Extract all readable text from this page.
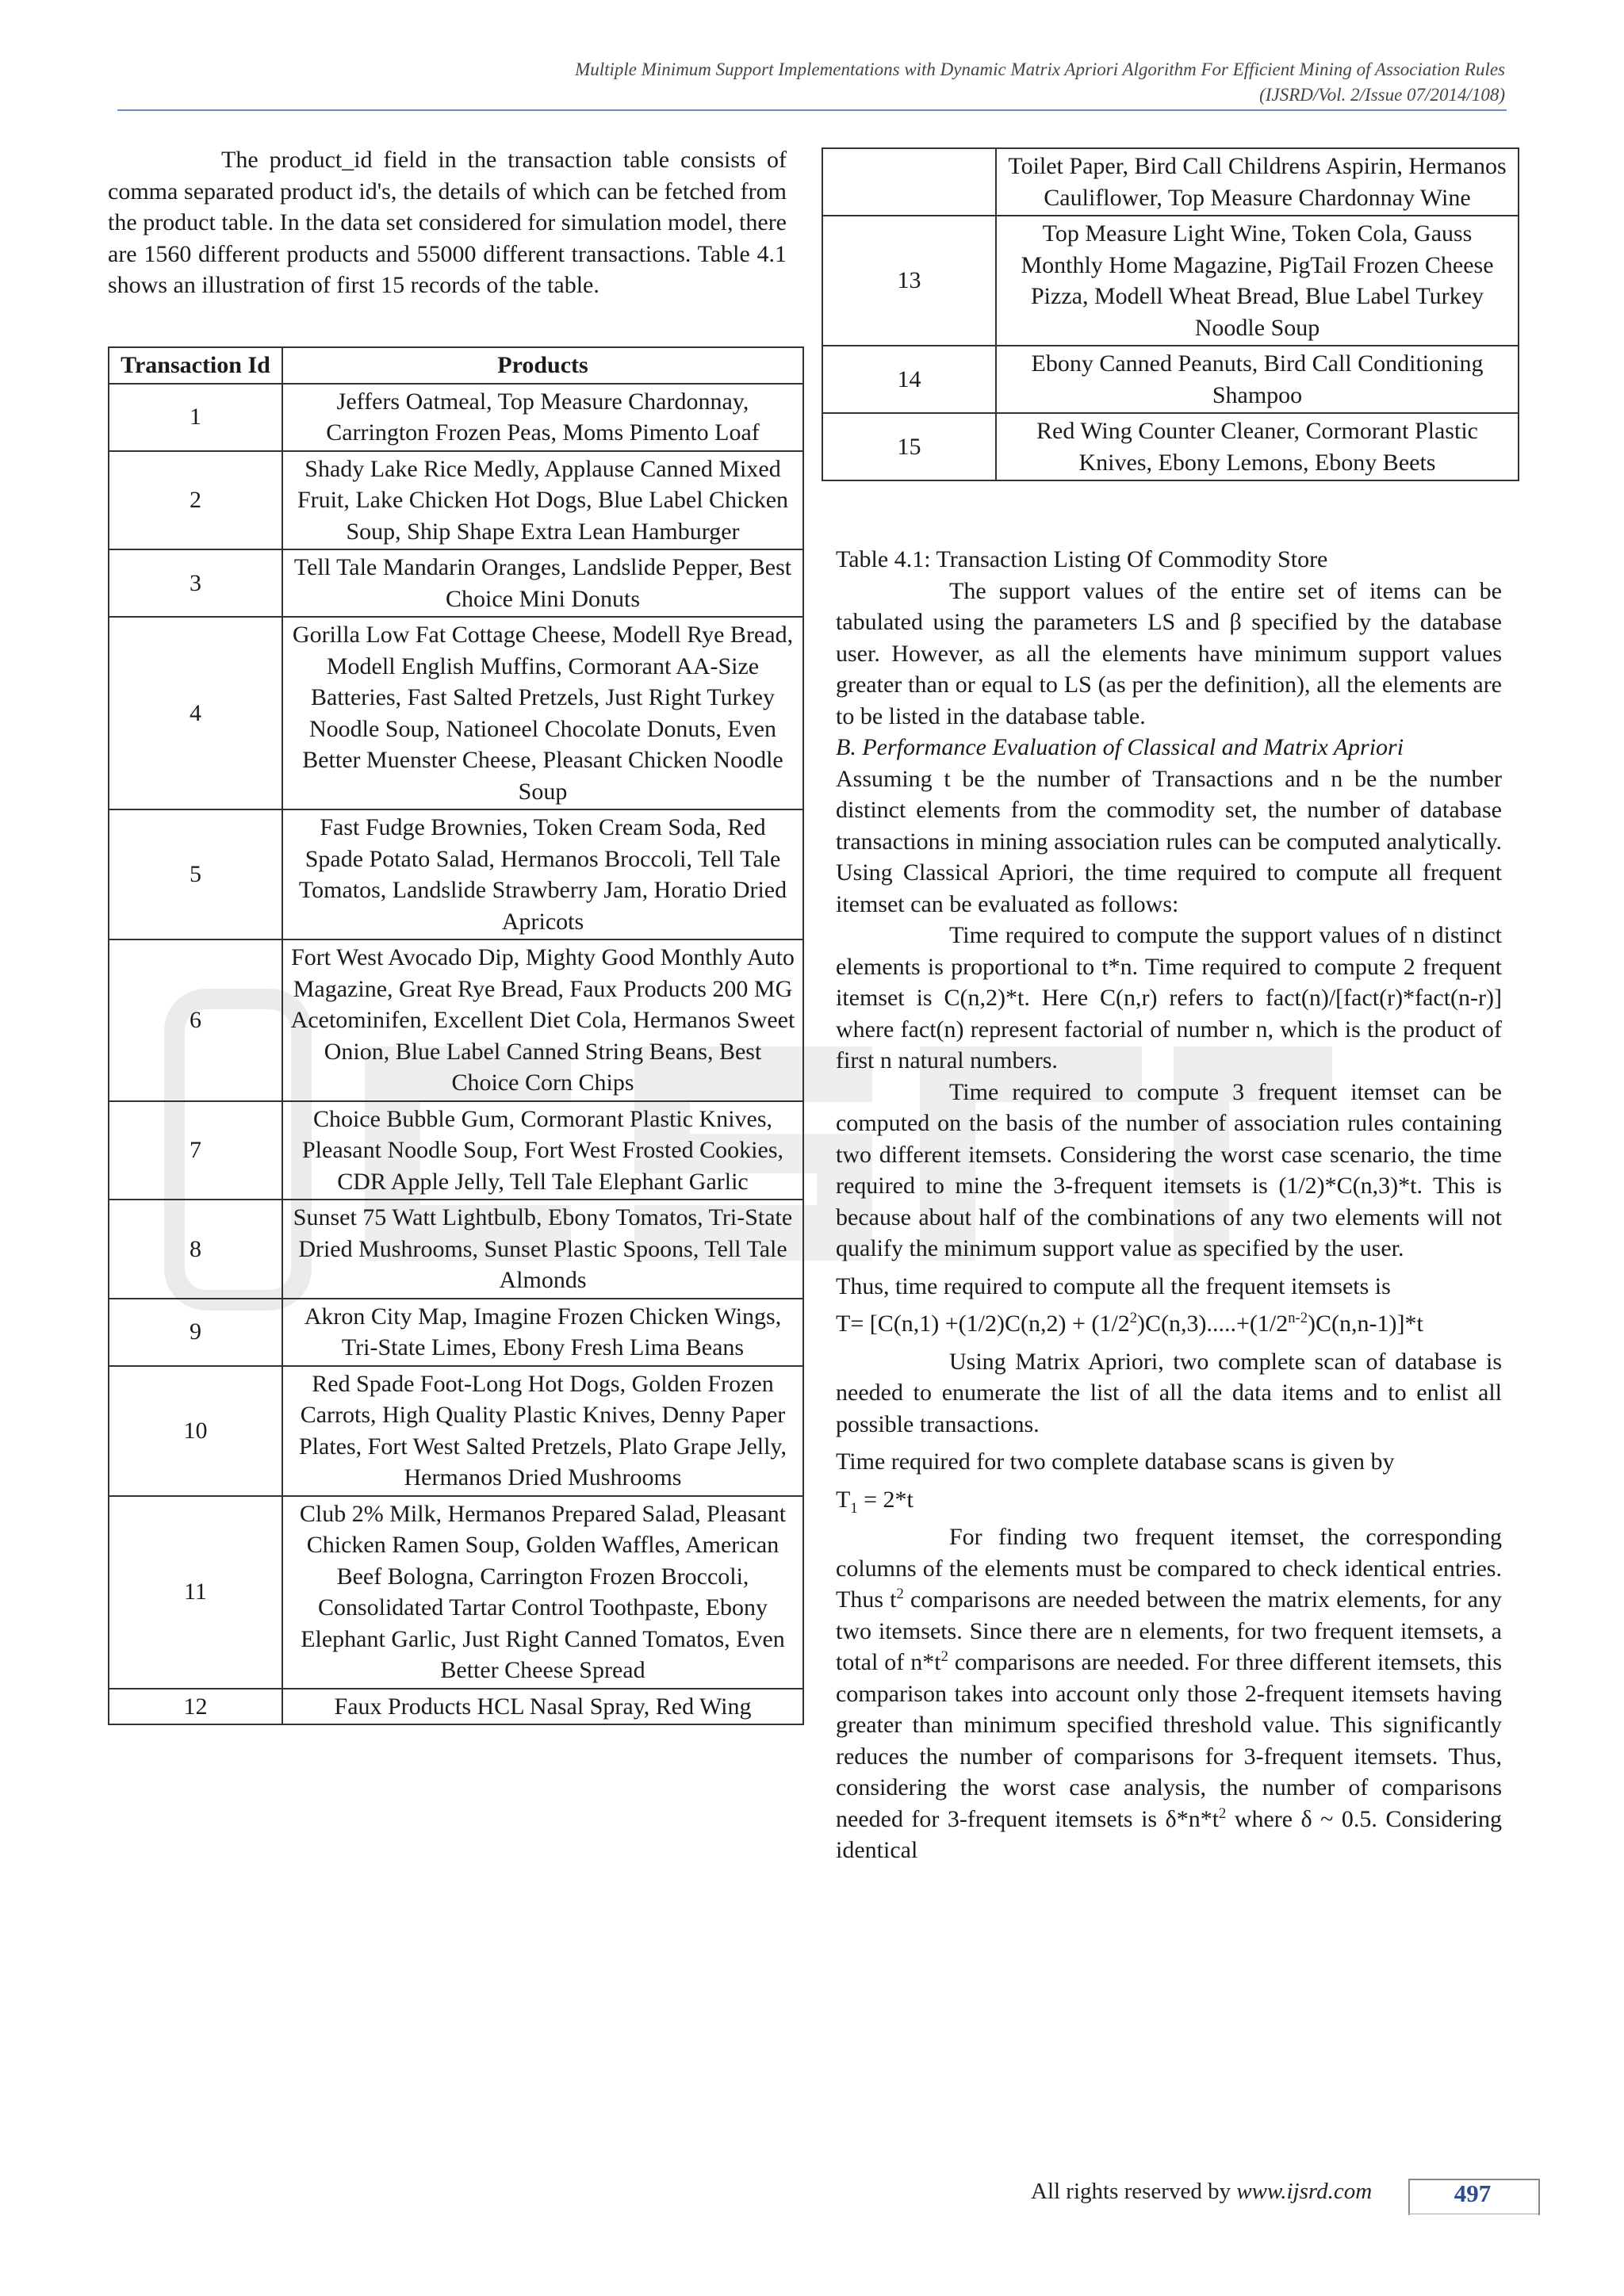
Multiple Minimum Support Implementations with Dynamic Matrix Apriori Algorithm For Efficient Mining of Association Rules
(IJSRD/Vol. 2/Issue 07/2014/108)

The product_id field in the transaction table consists of comma separated product id's, the details of which can be fetched from the product table. In the data set considered for simulation model, there are 1560 different products and 55000 different transactions. Table 4.1 shows an illustration of first 15 records of the table.

Transaction Id	Products
1	Jeffers Oatmeal, Top Measure Chardonnay, Carrington Frozen Peas, Moms Pimento Loaf
2	Shady Lake Rice Medly, Applause Canned Mixed Fruit, Lake Chicken Hot Dogs, Blue Label Chicken Soup, Ship Shape Extra Lean Hamburger
3	Tell Tale Mandarin Oranges, Landslide Pepper, Best Choice Mini Donuts
4	Gorilla Low Fat Cottage Cheese, Modell Rye Bread, Modell English Muffins, Cormorant AA-Size Batteries, Fast Salted Pretzels, Just Right Turkey Noodle Soup, Nationeel Chocolate Donuts, Even Better Muenster Cheese, Pleasant Chicken Noodle Soup
5	Fast Fudge Brownies, Token Cream Soda, Red Spade Potato Salad, Hermanos Broccoli, Tell Tale Tomatos, Landslide Strawberry Jam, Horatio Dried Apricots
6	Fort West Avocado Dip, Mighty Good Monthly Auto Magazine, Great Rye Bread, Faux Products 200 MG Acetominifen, Excellent Diet Cola, Hermanos Sweet Onion, Blue Label Canned String Beans, Best Choice Corn Chips
7	Choice Bubble Gum, Cormorant Plastic Knives, Pleasant Noodle Soup, Fort West Frosted Cookies, CDR Apple Jelly, Tell Tale Elephant Garlic
8	Sunset 75 Watt Lightbulb, Ebony Tomatos, Tri-State Dried Mushrooms, Sunset Plastic Spoons, Tell Tale Almonds
9	Akron City Map, Imagine Frozen Chicken Wings, Tri-State Limes, Ebony Fresh Lima Beans
10	Red Spade Foot-Long Hot Dogs, Golden Frozen Carrots, High Quality Plastic Knives, Denny Paper Plates, Fort West Salted Pretzels, Plato Grape Jelly, Hermanos Dried Mushrooms
11	Club 2% Milk, Hermanos Prepared Salad, Pleasant Chicken Ramen Soup, Golden Waffles, American Beef Bologna, Carrington Frozen Broccoli, Consolidated Tartar Control Toothpaste, Ebony Elephant Garlic, Just Right Canned Tomatos, Even Better Cheese Spread
12	Faux Products HCL Nasal Spray, Red Wing
	Toilet Paper, Bird Call Childrens Aspirin, Hermanos Cauliflower, Top Measure Chardonnay Wine
13	Top Measure Light Wine, Token Cola, Gauss Monthly Home Magazine, PigTail Frozen Cheese Pizza, Modell Wheat Bread, Blue Label Turkey Noodle Soup
14	Ebony Canned Peanuts, Bird Call Conditioning Shampoo
15	Red Wing Counter Cleaner, Cormorant Plastic Knives, Ebony Lemons, Ebony Beets

Table 4.1: Transaction Listing Of Commodity Store

The support values of the entire set of items can be tabulated using the parameters LS and β specified by the database user. However, as all the elements have minimum support values greater than or equal to LS (as per the definition), all the elements are to be listed in the database table.

B. Performance Evaluation of Classical and Matrix Apriori

Assuming t be the number of Transactions and n be the number distinct elements from the commodity set, the number of database transactions in mining association rules can be computed analytically. Using Classical Apriori, the time required to compute all frequent itemset can be evaluated as follows:

Time required to compute the support values of n distinct elements is proportional to t*n. Time required to compute 2 frequent itemset is C(n,2)*t. Here C(n,r) refers to fact(n)/[fact(r)*fact(n-r)] where fact(n) represent factorial of number n, which is the product of first n natural numbers.

Time required to compute 3 frequent itemset can be computed on the basis of the number of association rules containing two different itemsets. Considering the worst case scenario, the time required to mine the 3-frequent itemsets is (1/2)*C(n,3)*t. This is because about half of the combinations of any two elements will not qualify the minimum support value as specified by the user.

Thus, time required to compute all the frequent itemsets is

$T= [C(n,1) +(1/2)C(n,2) + (1/2^2)C(n,3).....+(1/2^{n-2})C(n,n-1)]*t$

Using Matrix Apriori, two complete scan of database is needed to enumerate the list of all the data items and to enlist all possible transactions.

Time required for two complete database scans is given by

$T_1 = 2*t$

For finding two frequent itemset, the corresponding columns of the elements must be compared to check identical entries. Thus $t^2$ comparisons are needed between the matrix elements, for any two itemsets. Since there are n elements, for two frequent itemsets, a total of $n*t^2$ comparisons are needed. For three different itemsets, this comparison takes into account only those 2-frequent itemsets having greater than minimum specified threshold value. This significantly reduces the number of comparisons for 3-frequent itemsets. Thus, considering the worst case analysis, the number of comparisons needed for 3-frequent itemsets is $\delta*n*t^2$ where δ ~ 0.5. Considering identical

All rights reserved by www.ijsrd.com	497
